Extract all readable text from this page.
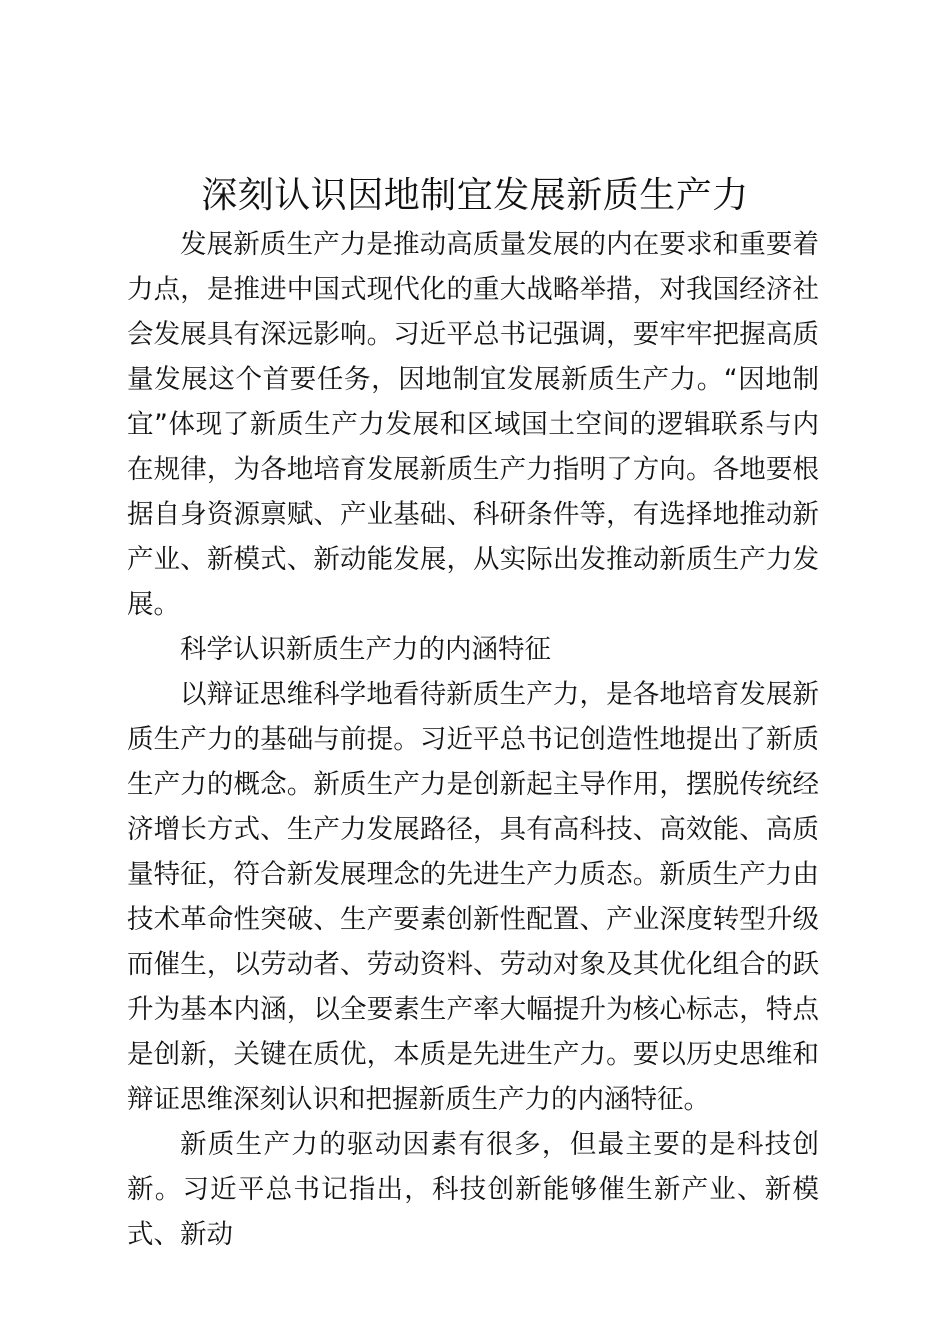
深刻认识因地制宜发展新质生产力

发展新质生产力是推动高质量发展的内在要求和重要着力点，是推进中国式现代化的重大战略举措，对我国经济社会发展具有深远影响。习近平总书记强调，要牢牢把握高质量发展这个首要任务，因地制宜发展新质生产力。“因地制宜”体现了新质生产力发展和区域国土空间的逻辑联系与内在规律，为各地培育发展新质生产力指明了方向。各地要根据自身资源禀赋、产业基础、科研条件等，有选择地推动新产业、新模式、新动能发展，从实际出发推动新质生产力发展。

科学认识新质生产力的内涵特征

以辩证思维科学地看待新质生产力，是各地培育发展新质生产力的基础与前提。习近平总书记创造性地提出了新质生产力的概念。新质生产力是创新起主导作用，摆脱传统经济增长方式、生产力发展路径，具有高科技、高效能、高质量特征，符合新发展理念的先进生产力质态。新质生产力由技术革命性突破、生产要素创新性配置、产业深度转型升级而催生，以劳动者、劳动资料、劳动对象及其优化组合的跃升为基本内涵，以全要素生产率大幅提升为核心标志，特点是创新，关键在质优，本质是先进生产力。要以历史思维和辩证思维深刻认识和把握新质生产力的内涵特征。

新质生产力的驱动因素有很多，但最主要的是科技创新。习近平总书记指出，科技创新能够催生新产业、新模式、新动
